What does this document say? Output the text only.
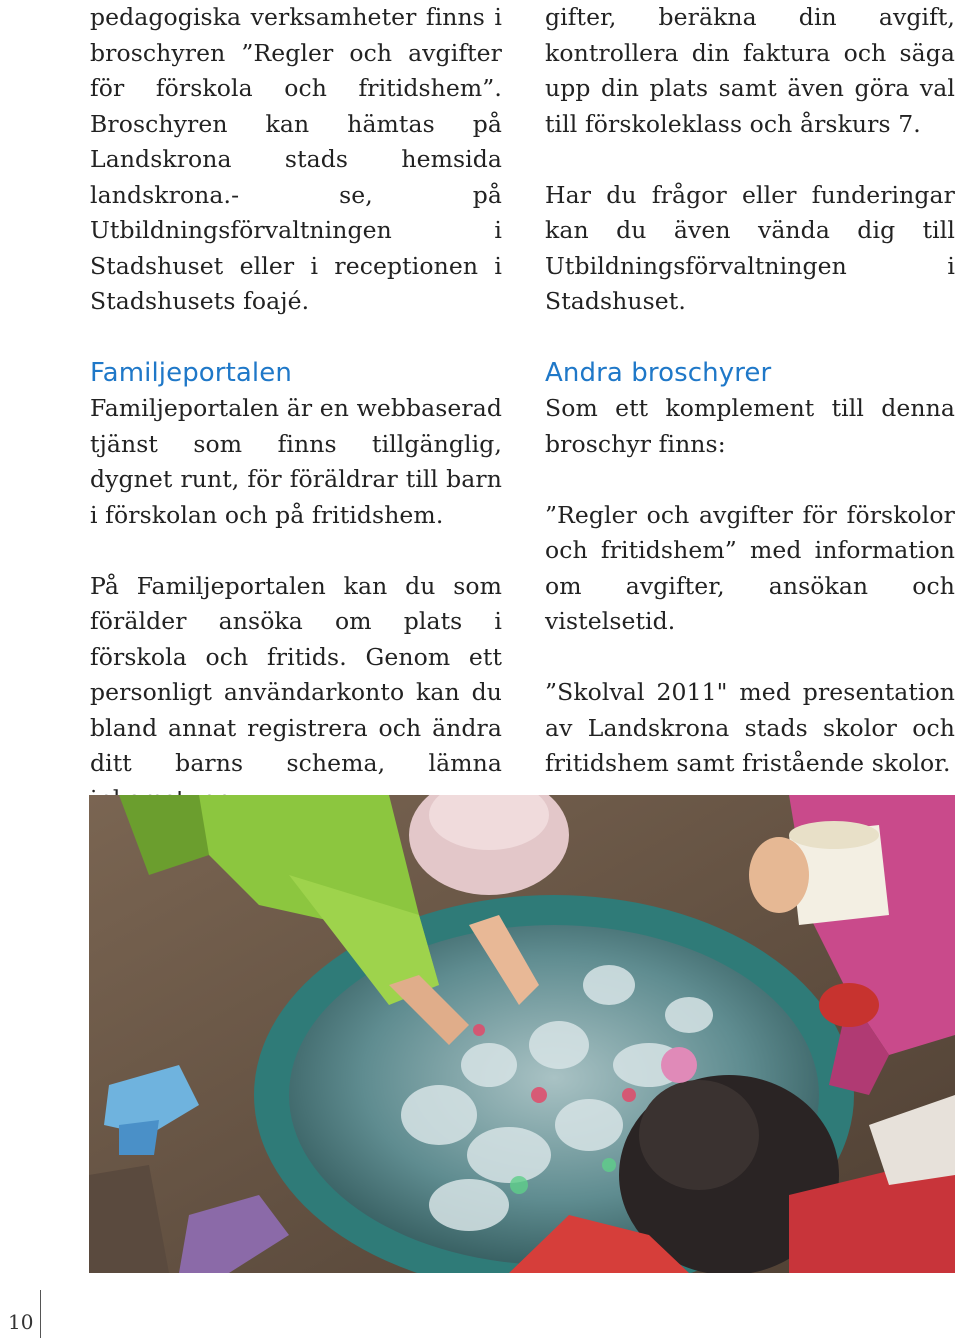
pedagogiska verksamheter finns i broschyren ”Regler och avgifter för förskola och fritidshem”. Broschyren kan hämtas på Landskrona stads hemsida landskrona.- se, på Utbildningsförvaltningen i Stadshuset eller i receptionen i Stadshusets foajé.

Familjeportalen

Familjeportalen är en webbaserad tjänst som finns tillgänglig, dygnet runt, för föräldrar till barn i förskolan och på fritidshem.

På Familjeportalen kan du som förälder ansöka om plats i förskola och fritids. Genom ett personligt användarkonto kan du bland annat registrera och ändra ditt barns schema, lämna

gifter, beräkna din avgift, kontrollera din faktura och säga upp din plats samt även göra val till förskoleklass och årskurs 7.

Har du frågor eller funderingar kan du även vända dig till Utbildningsförvaltningen i Stadshuset.

Andra broschyrer

Som ett komplement till denna broschyr finns:

”Regler och avgifter för förskolor och fritidshem” med information om avgifter, ansökan och vistelsetid.

”Skolval 2011" med presentation av Landskrona stads skolor och fritidshem samt fristående skolor.

10
